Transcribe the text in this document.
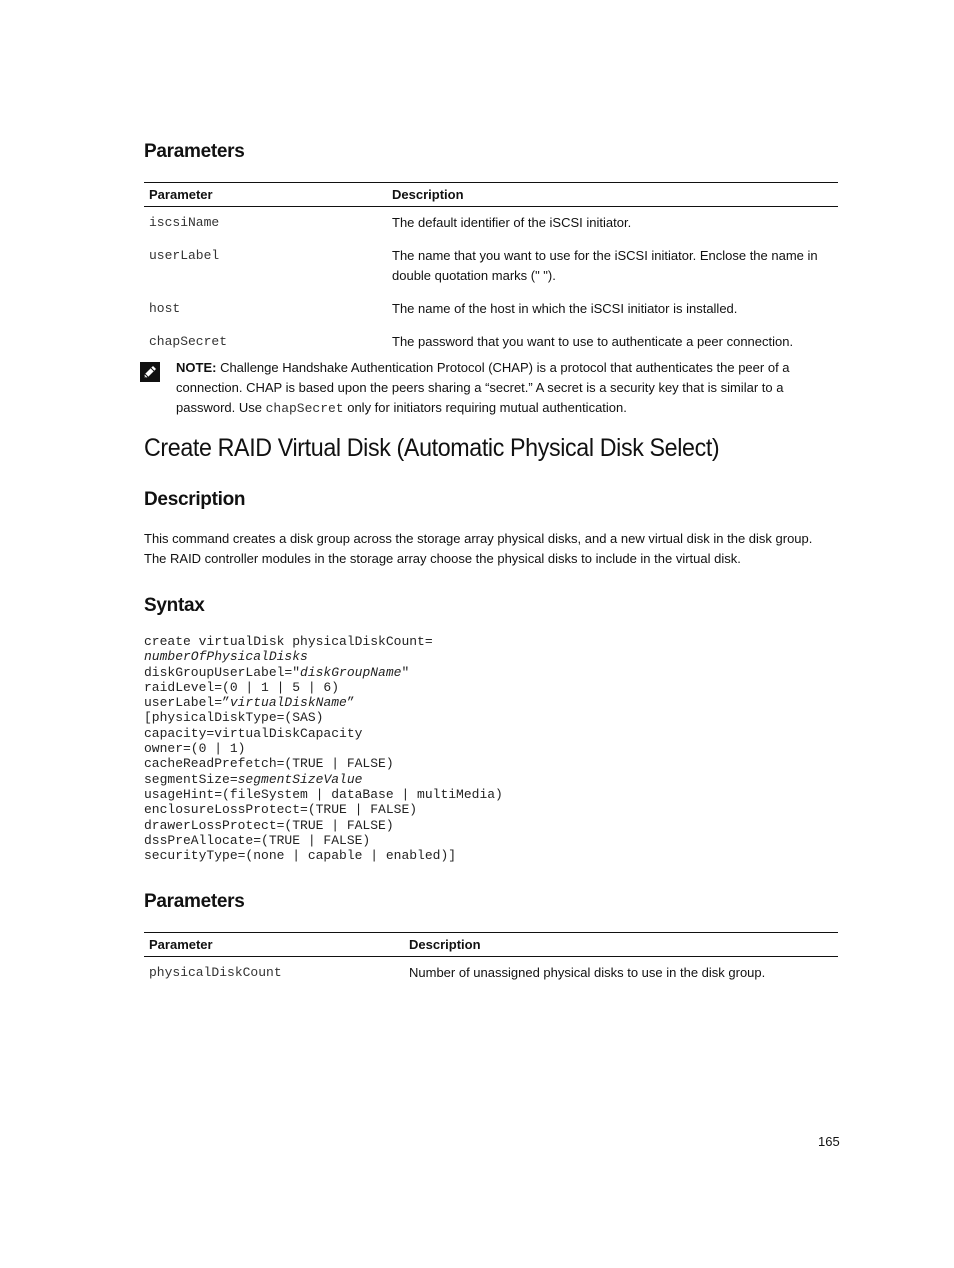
Parameters
Parameter	Description
iscsiName	The default identifier of the iSCSI initiator.
userLabel	The name that you want to use for the iSCSI initiator. Enclose the name in double quotation marks (" ").
host	The name of the host in which the iSCSI initiator is installed.
chapSecret	The password that you want to use to authenticate a peer connection.
NOTE: Challenge Handshake Authentication Protocol (CHAP) is a protocol that authenticates the peer of a connection. CHAP is based upon the peers sharing a “secret.” A secret is a security key that is similar to a password. Use chapSecret only for initiators requiring mutual authentication.
Create RAID Virtual Disk (Automatic Physical Disk Select)
Description

This command creates a disk group across the storage array physical disks, and a new virtual disk in the disk group. The RAID controller modules in the storage array choose the physical disks to include in the virtual disk.

Syntax
create virtualDisk physicalDiskCount=
numberOfPhysicalDisks
diskGroupUserLabel="diskGroupName"
raidLevel=(0 | 1 | 5 | 6)
userLabel=”virtualDiskName”
[physicalDiskType=(SAS)
capacity=virtualDiskCapacity
owner=(0 | 1)
cacheReadPrefetch=(TRUE | FALSE)
segmentSize=segmentSizeValue
usageHint=(fileSystem | dataBase | multiMedia)
enclosureLossProtect=(TRUE | FALSE)
drawerLossProtect=(TRUE | FALSE)
dssPreAllocate=(TRUE | FALSE)
securityType=(none | capable | enabled)]
Parameters
Parameter	Description
physicalDiskCount	Number of unassigned physical disks to use in the disk group.
165
